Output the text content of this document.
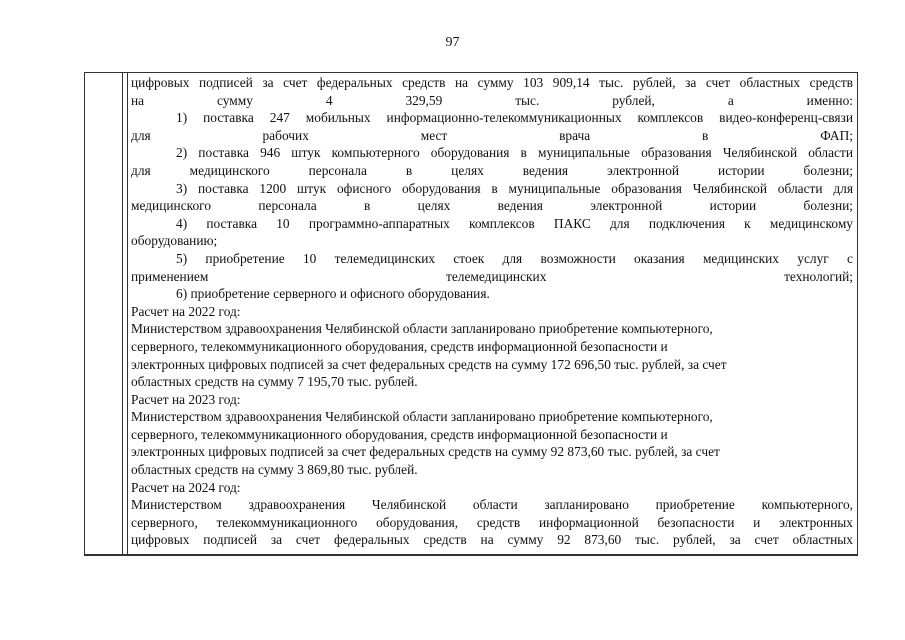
97

цифровых подписей за счет федеральных средств на сумму 103 909,14 тыс. рублей, за счет областных средств
на сумму 4 329,59 тыс. рублей, а именно:

1) поставка 247 мобильных информационно-телекоммуникационных комплексов видео-конференц-связи
для рабочих мест врача в ФАП;

2) поставка 946 штук компьютерного оборудования в муниципальные образования Челябинской области
для медицинского персонала в целях ведения электронной истории болезни;

3) поставка 1200 штук офисного оборудования в муниципальные образования Челябинской области для
медицинского персонала в целях ведения электронной истории болезни;

4) поставка 10 программно-аппаратных комплексов ПАКС для подключения к медицинскому
оборудованию;

5) приобретение 10 телемедицинских стоек для возможности оказания медицинских услуг с
применением телемедицинских технологий;

6) приобретение серверного и офисного оборудования.

Расчет на 2022 год:

Министерством здравоохранения Челябинской области запланировано приобретение компьютерного,
серверного, телекоммуникационного оборудования, средств информационной безопасности и
электронных цифровых подписей за счет федеральных средств на сумму 172 696,50 тыс. рублей, за счет
областных средств на сумму 7 195,70 тыс. рублей.

Расчет на 2023 год:

Министерством здравоохранения Челябинской области запланировано приобретение компьютерного,
серверного, телекоммуникационного оборудования, средств информационной безопасности и
электронных цифровых подписей за счет федеральных средств на сумму 92 873,60 тыс. рублей, за счет
областных средств на сумму 3 869,80 тыс. рублей.

Расчет на 2024 год:

Министерством здравоохранения Челябинской области запланировано приобретение компьютерного,
серверного, телекоммуникационного оборудования, средств информационной безопасности и электронных
цифровых подписей за счет федеральных средств на сумму 92 873,60 тыс. рублей, за счет областных
